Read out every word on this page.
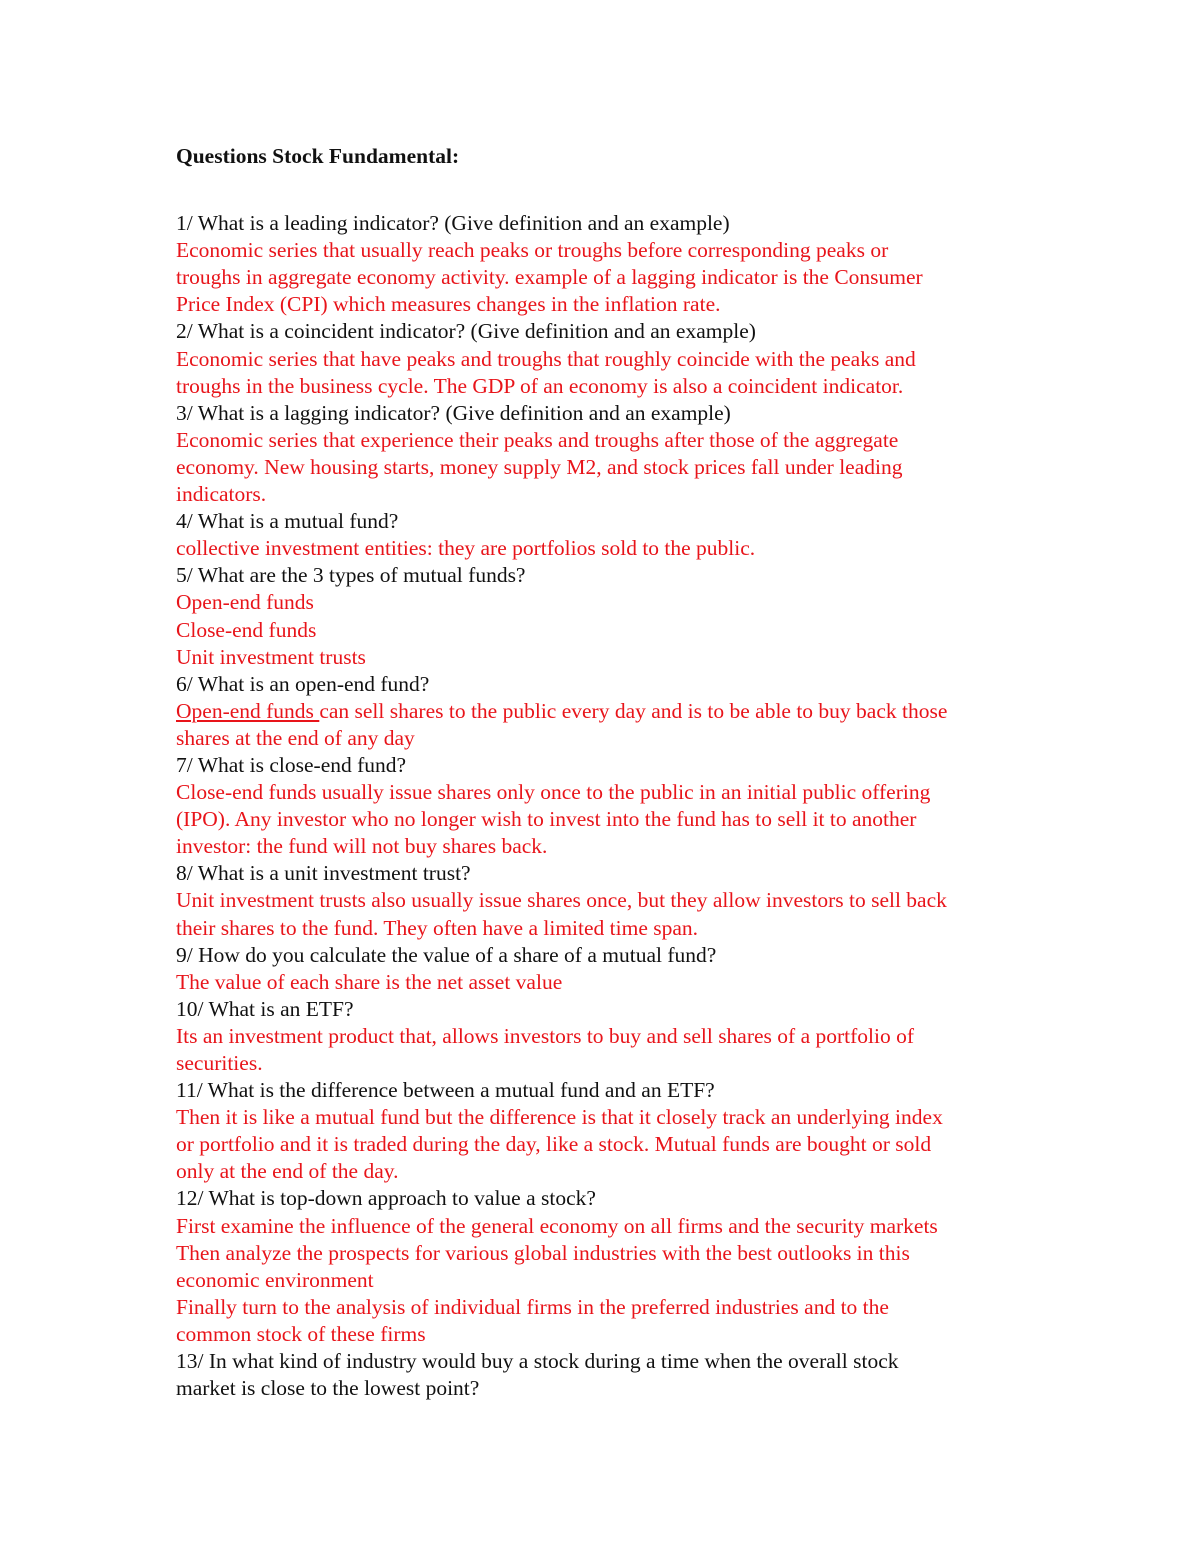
Questions Stock Fundamental:

1/ What is a leading indicator? (Give definition and an example)

Economic series that usually reach peaks or troughs before corresponding peaks or

troughs in aggregate economy activity. example of a lagging indicator is the Consumer

Price Index (CPI) which measures changes in the inflation rate.

2/ What is a coincident indicator? (Give definition and an example)

Economic series that have peaks and troughs that roughly coincide with the peaks and

troughs in the business cycle. The GDP of an economy is also a coincident indicator.

3/ What is a lagging indicator? (Give definition and an example)

Economic series that experience their peaks and troughs after those of the aggregate

economy. New housing starts, money supply M2, and stock prices fall under leading

indicators.

4/ What is a mutual fund?

collective investment entities: they are portfolios sold to the public.

5/ What are the 3 types of mutual funds?

Open-end funds

Close-end funds

Unit investment trusts

6/ What is an open-end fund?

Open-end funds can sell shares to the public every day and is to be able to buy back those

shares at the end of any day

7/ What is close-end fund?

Close-end funds usually issue shares only once to the public in an initial public offering

(IPO). Any investor who no longer wish to invest into the fund has to sell it to another

investor: the fund will not buy shares back.

8/ What is a unit investment trust?

Unit investment trusts also usually issue shares once, but they allow investors to sell back

their shares to the fund. They often have a limited time span.

9/ How do you calculate the value of a share of a mutual fund?

The value of each share is the net asset value

10/ What is an ETF?

Its an investment product that, allows investors to buy and sell shares of a portfolio of

securities.

11/ What is the difference between a mutual fund and an ETF?

Then it is like a mutual fund but the difference is that it closely track an underlying index

or portfolio and it is traded during the day, like a stock. Mutual funds are bought or sold

only at the end of the day.

12/ What is top-down approach to value a stock?

First examine the influence of the general economy on all firms and the security markets

Then analyze the prospects for various global industries with the best outlooks in this

economic environment

Finally turn to the analysis of individual firms in the preferred industries and to the

common stock of these firms

13/ In what kind of industry would buy a stock during a time when the overall stock

market is close to the lowest point?
